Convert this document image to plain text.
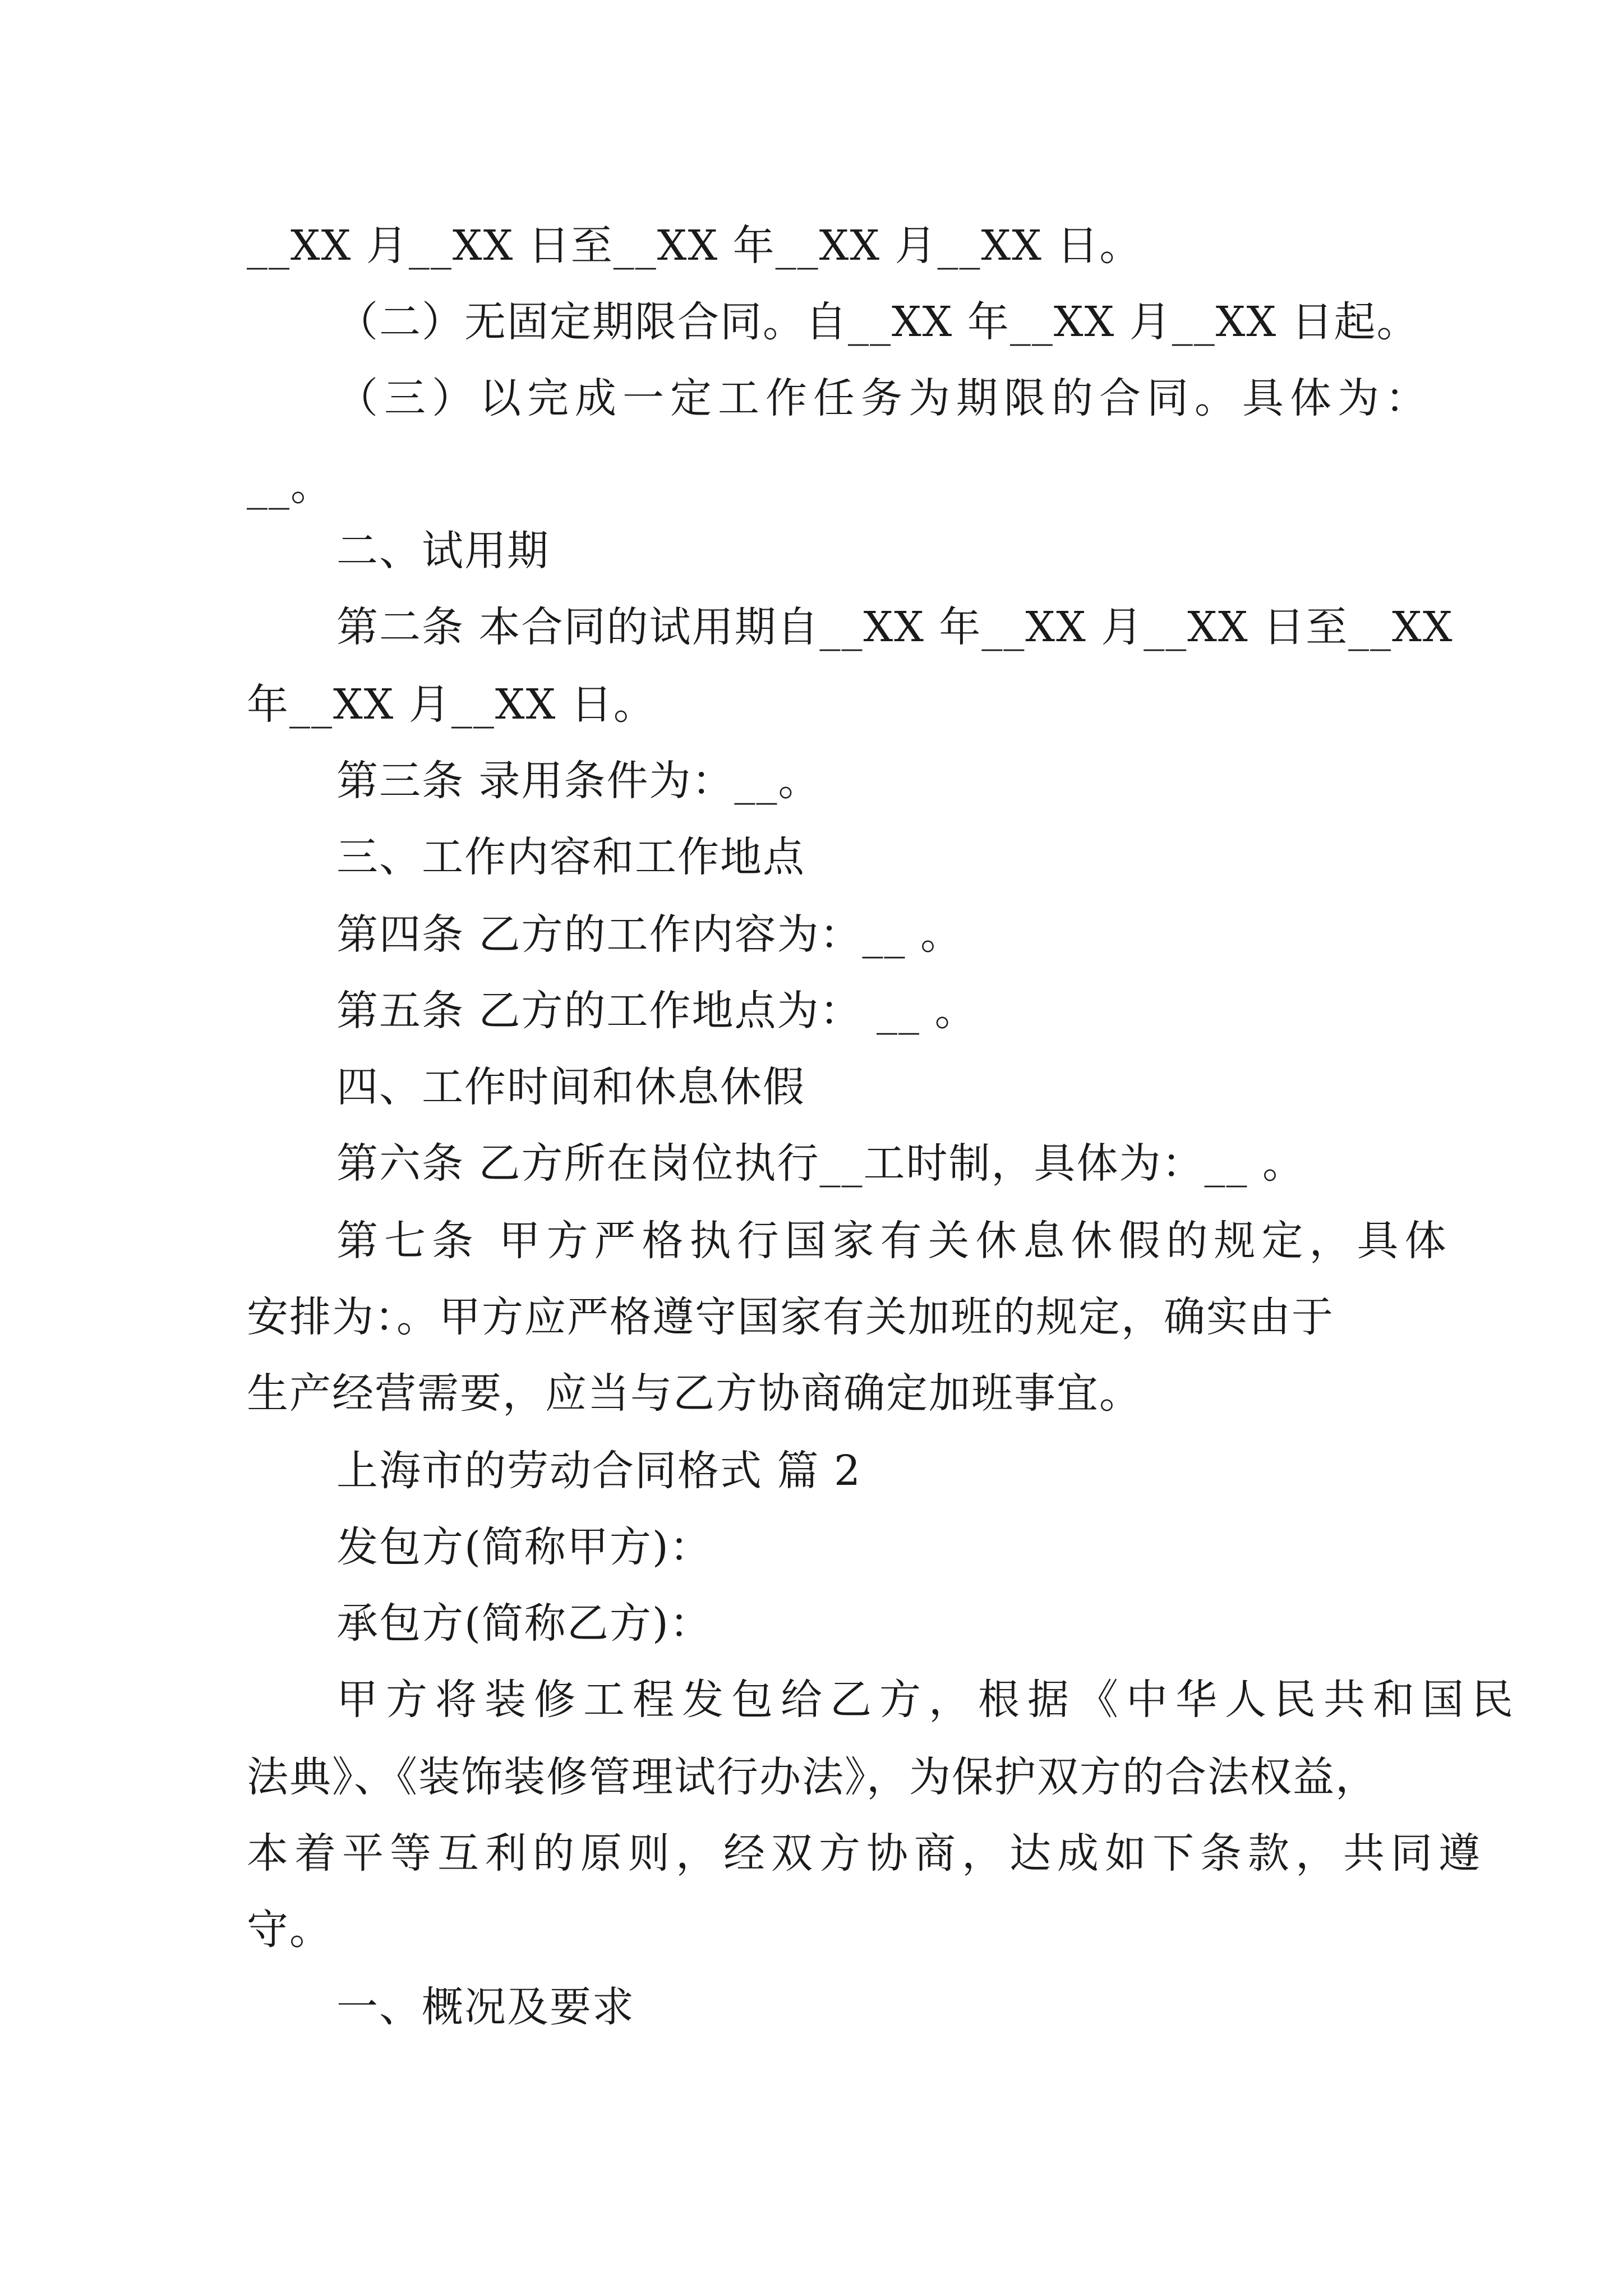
__XX 月__XX 日至__XX 年__XX 月__XX 日。
（二）无固定期限合同。自__XX 年__XX 月__XX 日起。
（三）以完成一定工作任务为期限的合同。具体为：
__。
二、试用期
第二条 本合同的试用期自__XX 年__XX 月__XX 日至__XX
年__XX 月__XX 日。
第三条 录用条件为：__。
三、工作内容和工作地点
第四条 乙方的工作内容为：__ 。
第五条 乙方的工作地点为： __ 。
四、工作时间和休息休假
第六条 乙方所在岗位执行__工时制，具体为：__ 。
第七条 甲方严格执行国家有关休息休假的规定，具体
安排为：。甲方应严格遵守国家有关加班的规定，确实由于
生产经营需要，应当与乙方协商确定加班事宜。
上海市的劳动合同格式 篇 2
发包方(简称甲方)：
承包方(简称乙方)：
甲方将装修工程发包给乙方，根据《中华人民共和国民
法典》、《装饰装修管理试行办法》，为保护双方的合法权益，
本着平等互利的原则，经双方协商，达成如下条款，共同遵
守。
一、概况及要求
